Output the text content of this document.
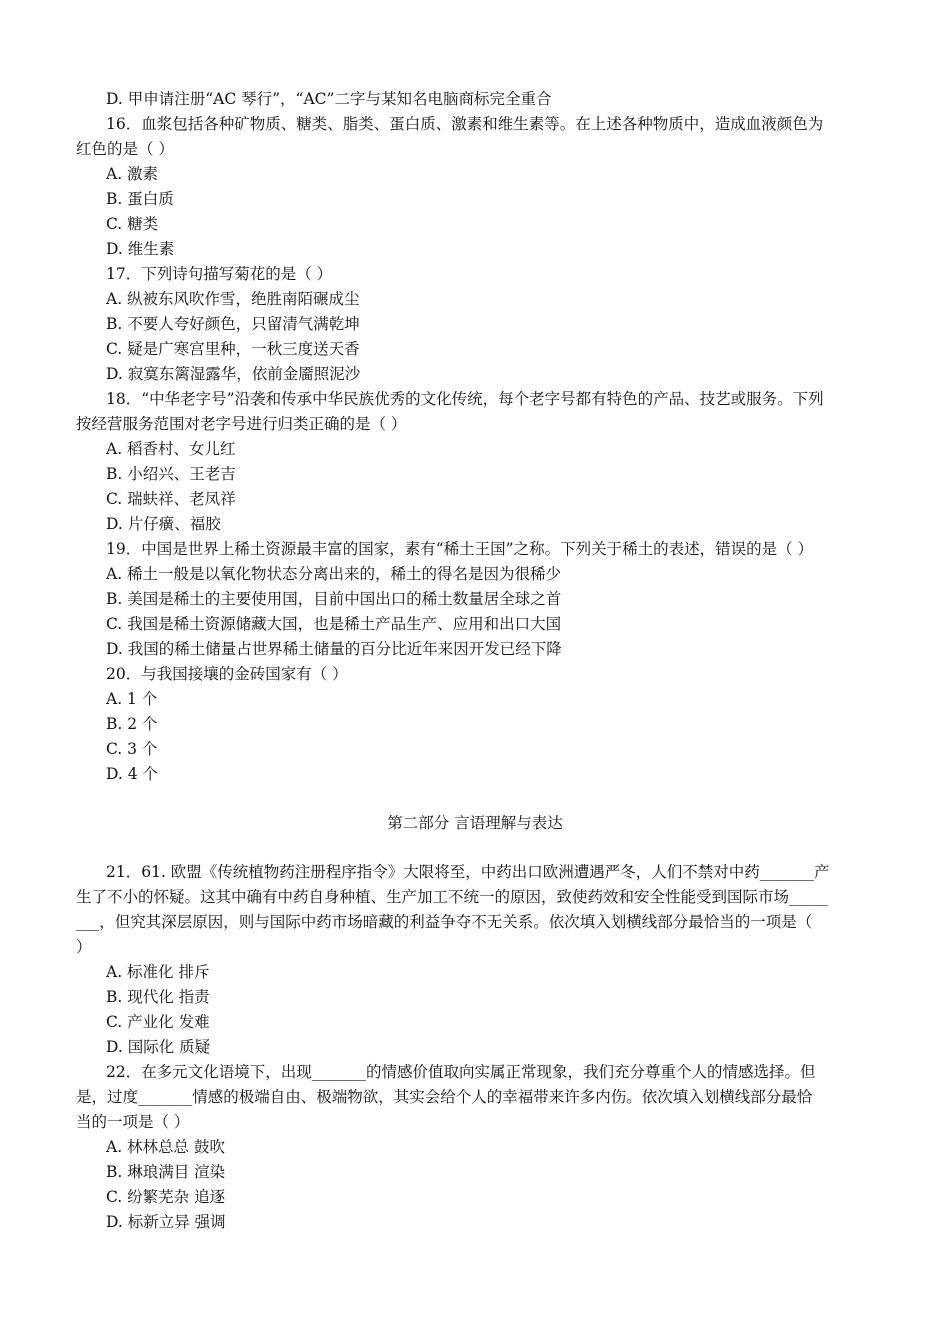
D. 甲申请注册“AC 琴行”，“AC”二字与某知名电脑商标完全重合
16．血浆包括各种矿物质、糖类、脂类、蛋白质、激素和维生素等。在上述各种物质中，造成血液颜色为
红色的是（ ）
A. 激素
B. 蛋白质
C. 糖类
D. 维生素
17．下列诗句描写菊花的是（ ）
A. 纵被东风吹作雪，绝胜南陌碾成尘
B. 不要人夸好颜色，只留清气满乾坤
C. 疑是广寒宫里种，一秋三度送天香
D. 寂寞东篱湿露华，依前金靥照泥沙
18．“中华老字号”沿袭和传承中华民族优秀的文化传统，每个老字号都有特色的产品、技艺或服务。下列
按经营服务范围对老字号进行归类正确的是（ ）
A. 稻香村、女儿红
B. 小绍兴、王老吉
C. 瑞蚨祥、老凤祥
D. 片仔癀、福胶
19．中国是世界上稀土资源最丰富的国家，素有“稀土王国”之称。下列关于稀土的表述，错误的是（ ）
A. 稀土一般是以氧化物状态分离出来的，稀土的得名是因为很稀少
B. 美国是稀土的主要使用国，目前中国出口的稀土数量居全球之首
C. 我国是稀土资源储藏大国，也是稀土产品生产、应用和出口大国
D. 我国的稀土储量占世界稀土储量的百分比近年来因开发已经下降
20．与我国接壤的金砖国家有（ ）
A. 1 个
B. 2 个
C. 3 个
D. 4 个
第二部分 言语理解与表达
21．61. 欧盟《传统植物药注册程序指令》大限将至，中药出口欧洲遭遇严冬，人们不禁对中药_______产
生了不小的怀疑。这其中确有中药自身种植、生产加工不统一的原因，致使药效和安全性能受到国际市场_____
___，但究其深层原因，则与国际中药市场暗藏的利益争夺不无关系。依次填入划横线部分最恰当的一项是（
）
A. 标准化 排斥
B. 现代化 指责
C. 产业化 发难
D. 国际化 质疑
22．在多元文化语境下，出现_______的情感价值取向实属正常现象，我们充分尊重个人的情感选择。但
是，过度_______情感的极端自由、极端物欲，其实会给个人的幸福带来许多内伤。依次填入划横线部分最恰
当的一项是（ ）
A. 林林总总 鼓吹
B. 琳琅满目 渲染
C. 纷繁芜杂 追逐
D. 标新立异 强调
